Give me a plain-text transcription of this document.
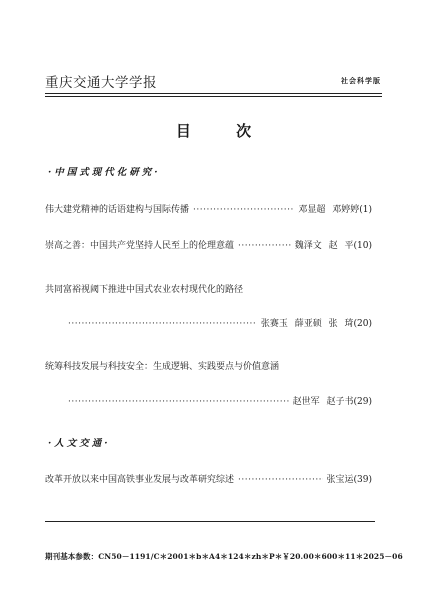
重庆交通大学学报	社会科学版
目 次
·中国式现代化研究·
伟大建党精神的话语建构与国际传播 ·····	邓显超 邓婷婷 (1)
崇高之善：中国共产党坚持人民至上的伦理意蕴 ·····	魏泽文 赵 平 (10)
共同富裕视阈下推进中国式农业农村现代化的路径
·····
张赛玉 薛亚硕 张 琦 (20)
统筹科技发展与科技安全：生成逻辑、实践要点与价值意涵
·····
赵世军 赵子书 (29)
·人文交通·
改革开放以来中国高铁事业发展与改革研究综述 ·····	张宝运 (39)
期刊基本参数：CN50－1191/C＊2001＊b＊A4＊124＊zh＊P＊￥20.00＊600＊11＊2025－06
